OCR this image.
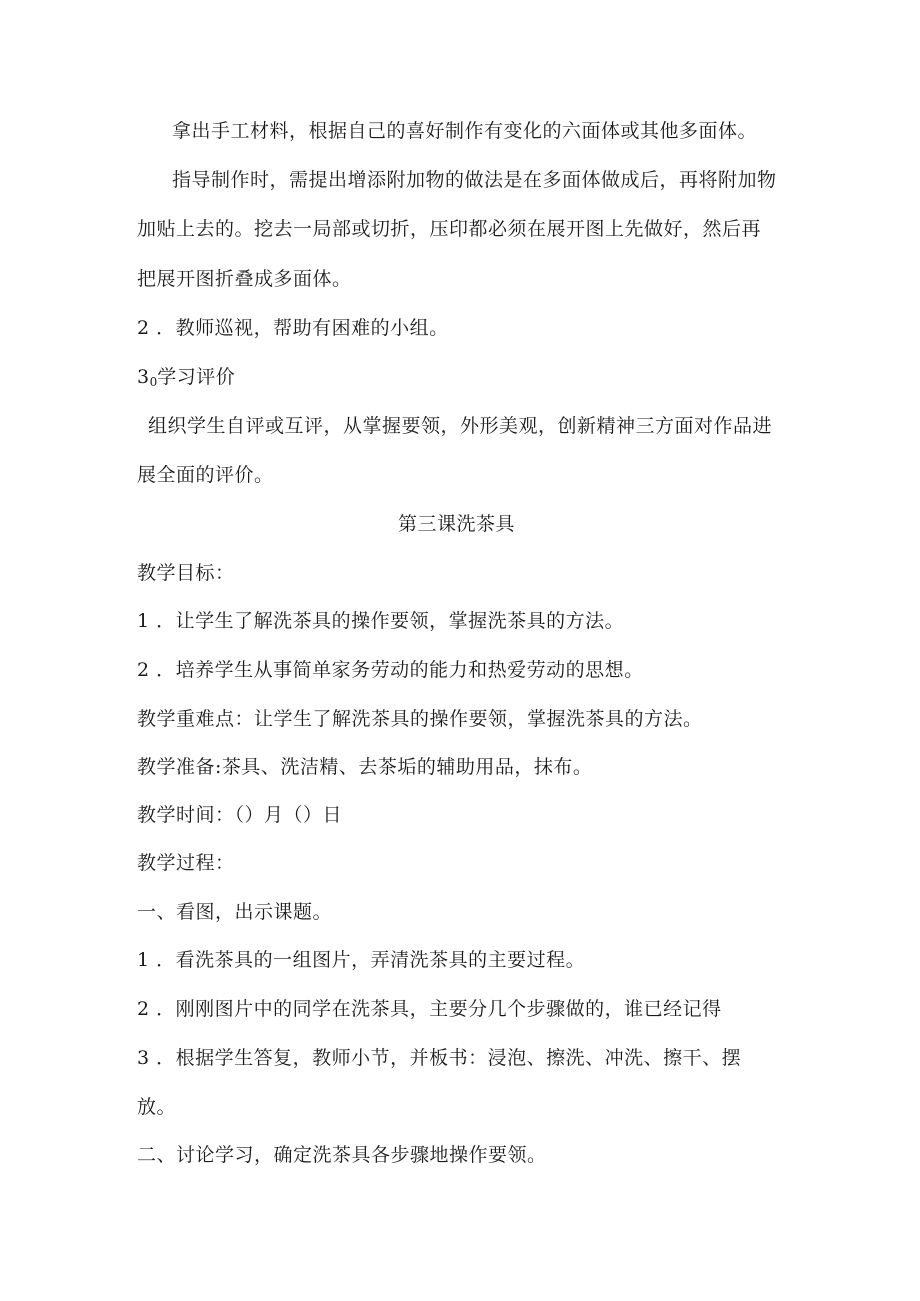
拿出手工材料，根据自己的喜好制作有变化的六面体或其他多面体。
指导制作时，需提出增添附加物的做法是在多面体做成后，再将附加物
加贴上去的。挖去一局部或切折，压印都必须在展开图上先做好，然后再
把展开图折叠成多面体。
2 ．教师巡视，帮助有困难的小组。
$3_0$学习评价
组织学生自评或互评，从掌握要领，外形美观，创新精神三方面对作品进
展全面的评价。
第三课洗茶具
教学目标：
1 ．让学生了解洗茶具的操作要领，掌握洗茶具的方法。
2 ．培养学生从事简单家务劳动的能力和热爱劳动的思想。
教学重难点：让学生了解洗茶具的操作要领，掌握洗茶具的方法。
教学准备:茶具、洗洁精、去茶垢的辅助用品，抹布。
教学时间：（）月（）日
教学过程：
一、看图，出示课题。
1 ．看洗茶具的一组图片，弄清洗茶具的主要过程。
2 ．刚刚图片中的同学在洗茶具，主要分几个步骤做的，谁已经记得
3 ．根据学生答复，教师小节，并板书：浸泡、擦洗、冲洗、擦干、摆
放。
二、讨论学习，确定洗茶具各步骤地操作要领。
